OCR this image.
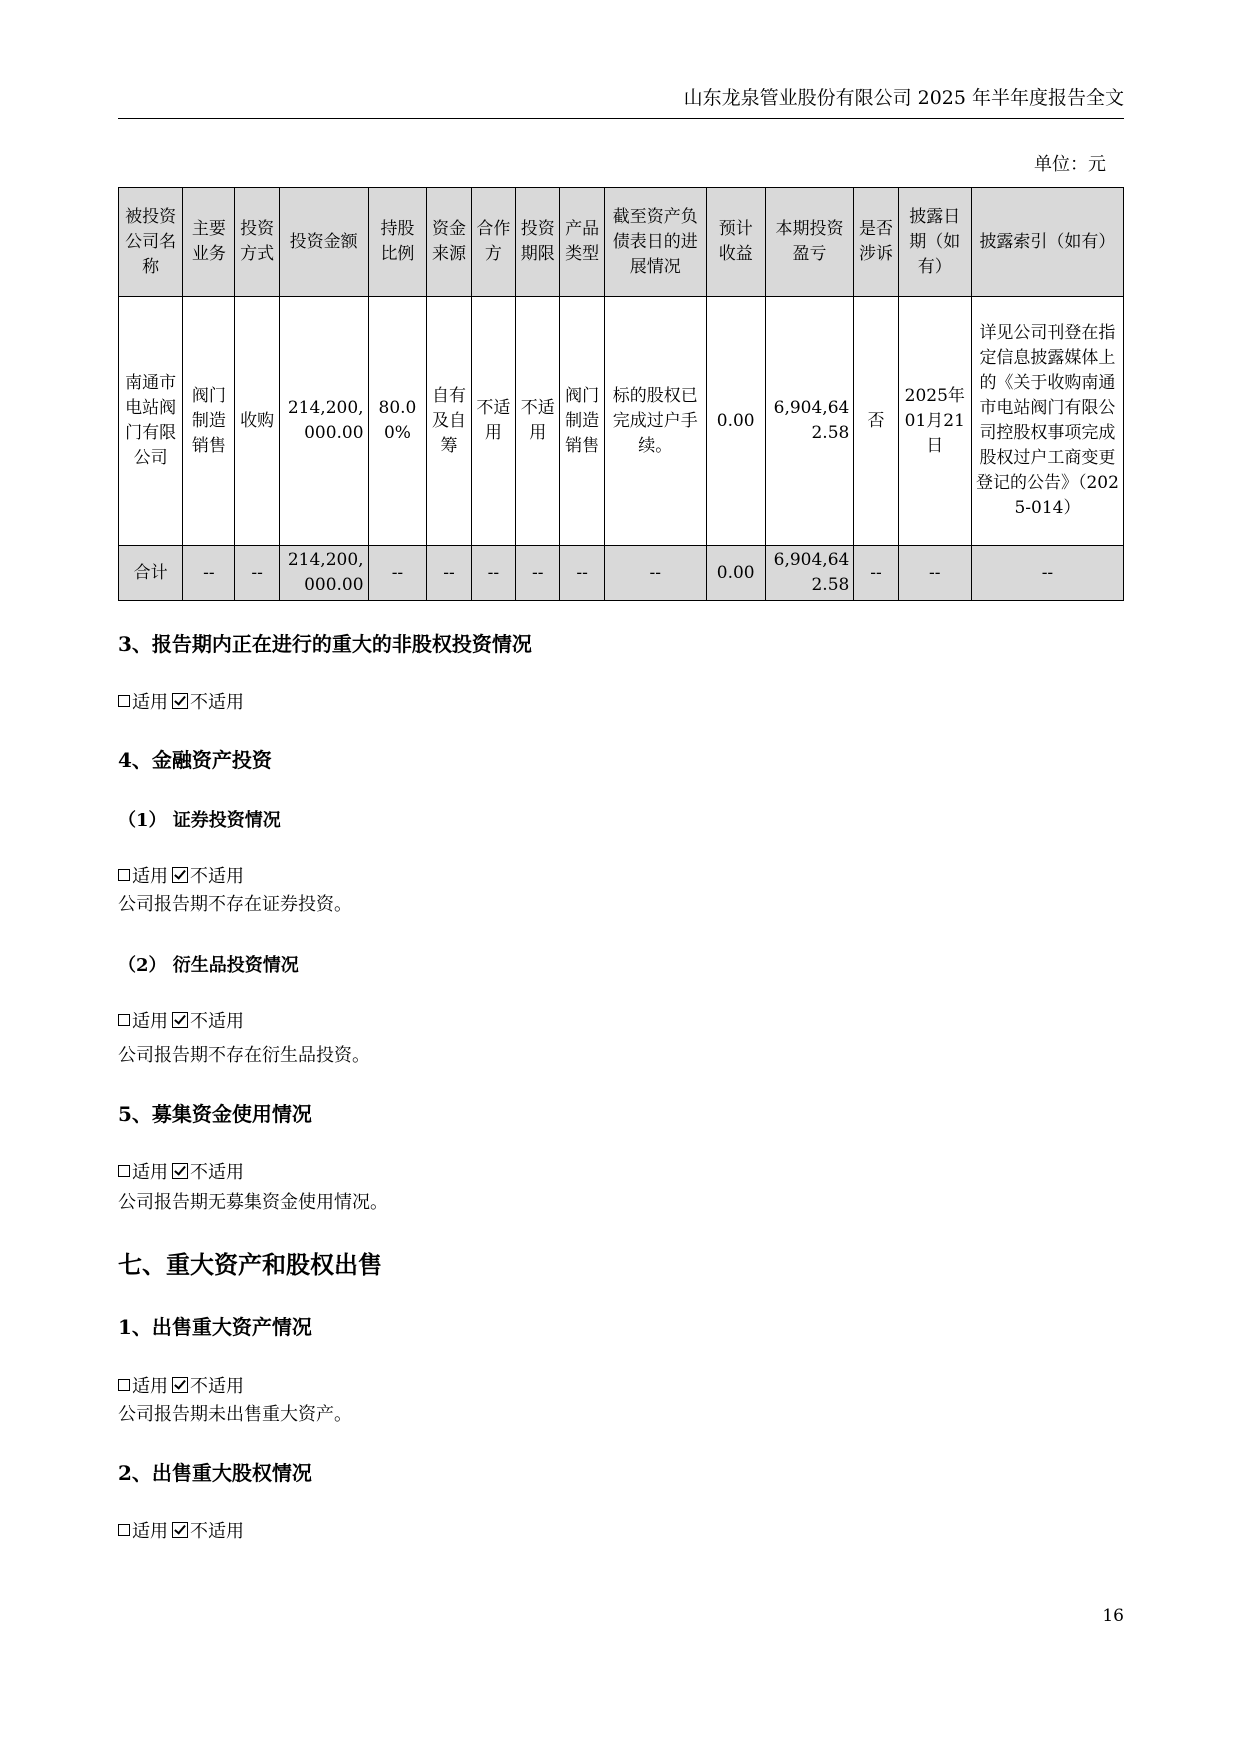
山东龙泉管业股份有限公司 2025 年半年度报告全文
单位：元
被投资公司名称	主要业务	投资方式	投资金额	持股比例	资金来源	合作方	投资期限	产品类型	截至资产负债表日的进展情况	预计收益	本期投资盈亏	是否涉诉	披露日期（如有）	披露索引（如有）
南通市电站阀门有限公司	阀门制造销售	收购	214,200,000.00	80.00%	自有及自筹	不适用	不适用	阀门制造销售	标的股权已完成过户手续。	0.00	6,904,642.58	否	2025年01月21日	详见公司刊登在指定信息披露媒体上的《关于收购南通市电站阀门有限公司控股权事项完成股权过户工商变更登记的公告》（2025-014）
合计	--	--	214,200,000.00	--	--	--	--	--	--	0.00	6,904,642.58	--	--	--
3、报告期内正在进行的重大的非股权投资情况
适用 不适用
4、金融资产投资
（1） 证券投资情况
适用 不适用
公司报告期不存在证券投资。
（2） 衍生品投资情况
适用 不适用
公司报告期不存在衍生品投资。
5、募集资金使用情况
适用 不适用
公司报告期无募集资金使用情况。
七、重大资产和股权出售
1、出售重大资产情况
适用 不适用
公司报告期未出售重大资产。
2、出售重大股权情况
适用 不适用
16
